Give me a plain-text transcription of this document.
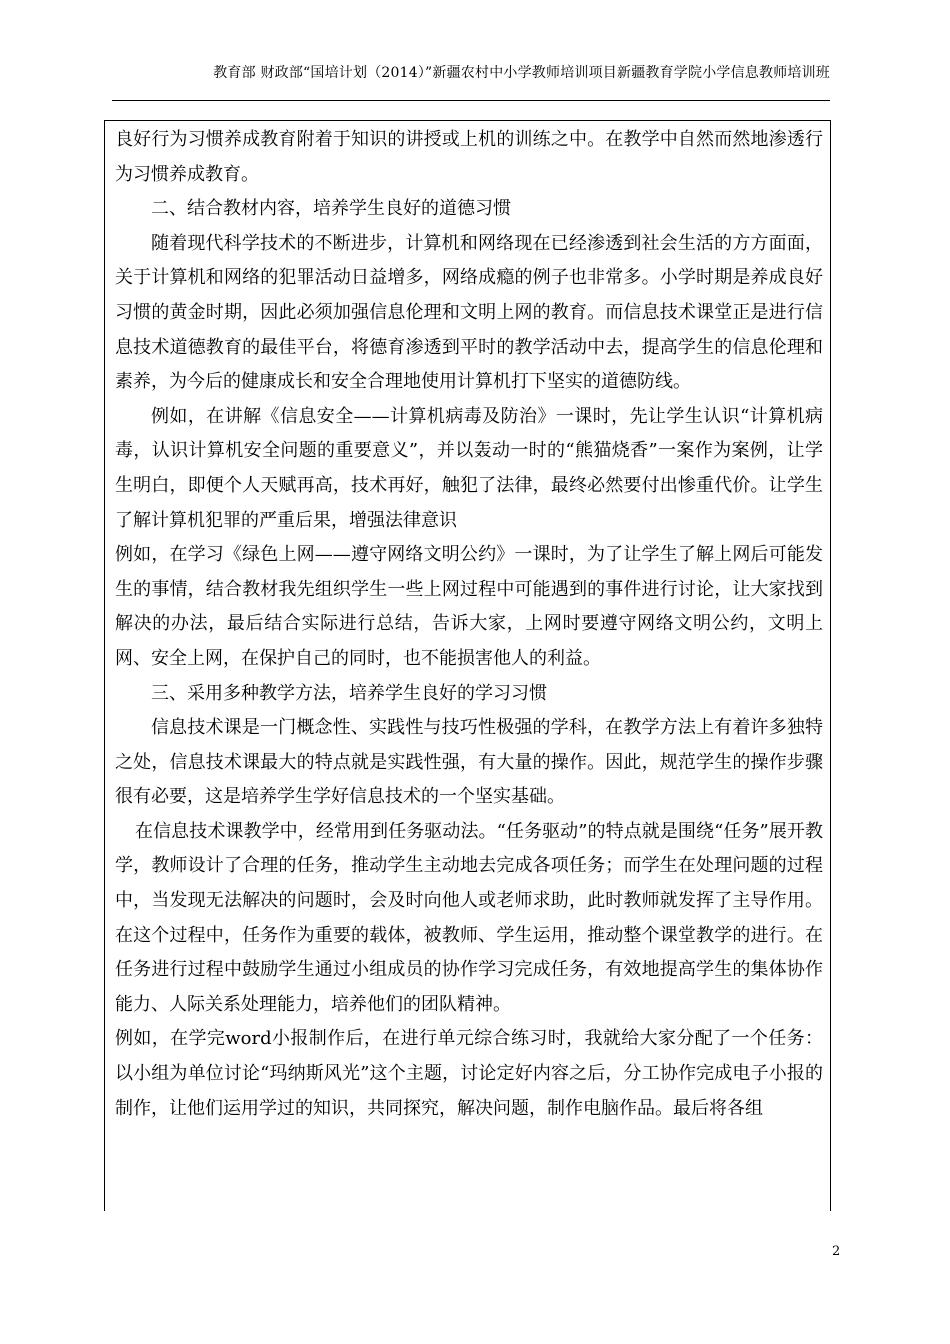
教育部 财政部“国培计划（2014）”新疆农村中小学教师培训项目新疆教育学院小学信息教师培训班

良好行为习惯养成教育附着于知识的讲授或上机的训练之中。在教学中自然而然地渗透行为习惯养成教育。

二、结合教材内容，培养学生良好的道德习惯

随着现代科学技术的不断进步，计算机和网络现在已经渗透到社会生活的方方面面，关于计算机和网络的犯罪活动日益增多，网络成瘾的例子也非常多。小学时期是养成良好习惯的黄金时期，因此必须加强信息伦理和文明上网的教育。而信息技术课堂正是进行信息技术道德教育的最佳平台，将德育渗透到平时的教学活动中去，提高学生的信息伦理和素养，为今后的健康成长和安全合理地使用计算机打下坚实的道德防线。

例如，在讲解《信息安全——计算机病毒及防治》一课时，先让学生认识“计算机病毒，认识计算机安全问题的重要意义”，并以轰动一时的“熊猫烧香”一案作为案例，让学生明白，即便个人天赋再高，技术再好，触犯了法律，最终必然要付出惨重代价。让学生了解计算机犯罪的严重后果，增强法律意识

例如，在学习《绿色上网——遵守网络文明公约》一课时，为了让学生了解上网后可能发生的事情，结合教材我先组织学生一些上网过程中可能遇到的事件进行讨论，让大家找到解决的办法，最后结合实际进行总结，告诉大家，上网时要遵守网络文明公约，文明上网、安全上网，在保护自己的同时，也不能损害他人的利益。

三、采用多种教学方法，培养学生良好的学习习惯

信息技术课是一门概念性、实践性与技巧性极强的学科，在教学方法上有着许多独特之处，信息技术课最大的特点就是实践性强，有大量的操作。因此，规范学生的操作步骤很有必要，这是培养学生学好信息技术的一个坚实基础。

在信息技术课教学中，经常用到任务驱动法。“任务驱动”的特点就是围绕“任务”展开教学，教师设计了合理的任务，推动学生主动地去完成各项任务；而学生在处理问题的过程中，当发现无法解决的问题时，会及时向他人或老师求助，此时教师就发挥了主导作用。在这个过程中，任务作为重要的载体，被教师、学生运用，推动整个课堂教学的进行。在任务进行过程中鼓励学生通过小组成员的协作学习完成任务，有效地提高学生的集体协作能力、人际关系处理能力，培养他们的团队精神。

例如，在学完word小报制作后，在进行单元综合练习时，我就给大家分配了一个任务：以小组为单位讨论“玛纳斯风光”这个主题，讨论定好内容之后，分工协作完成电子小报的制作，让他们运用学过的知识，共同探究，解决问题，制作电脑作品。最后将各组

2
